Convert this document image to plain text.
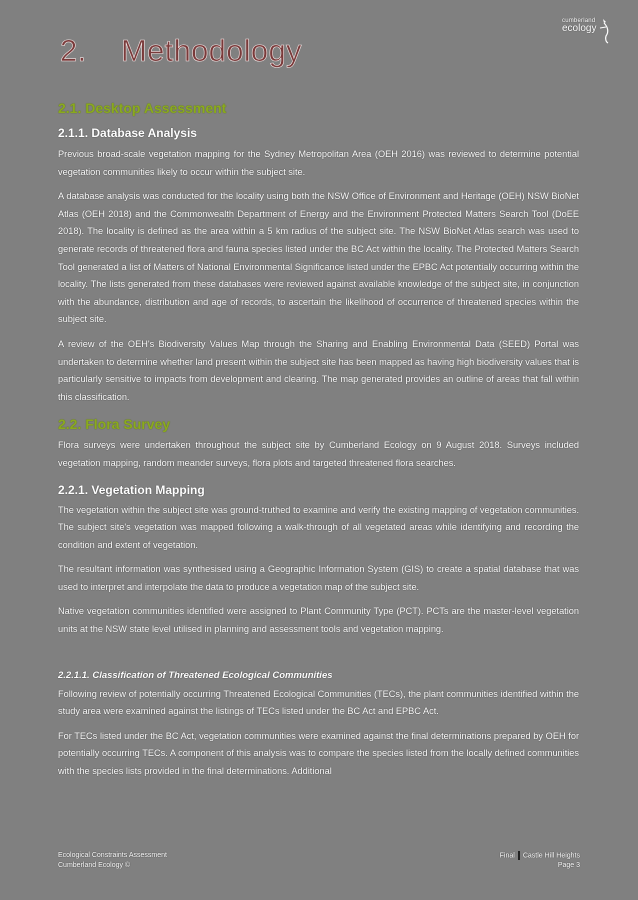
cumberland
ecology
2. Methodology
2.1. Desktop Assessment
2.1.1. Database Analysis

Previous broad-scale vegetation mapping for the Sydney Metropolitan Area (OEH 2016) was reviewed to determine potential vegetation communities likely to occur within the subject site.

A database analysis was conducted for the locality using both the NSW Office of Environment and Heritage (OEH) NSW BioNet Atlas (OEH 2018) and the Commonwealth Department of Energy and the Environment Protected Matters Search Tool (DoEE 2018). The locality is defined as the area within a 5 km radius of the subject site. The NSW BioNet Atlas search was used to generate records of threatened flora and fauna species listed under the BC Act within the locality. The Protected Matters Search Tool generated a list of Matters of National Environmental Significance listed under the EPBC Act potentially occurring within the locality. The lists generated from these databases were reviewed against available knowledge of the subject site, in conjunction with the abundance, distribution and age of records, to ascertain the likelihood of occurrence of threatened species within the subject site.

A review of the OEH's Biodiversity Values Map through the Sharing and Enabling Environmental Data (SEED) Portal was undertaken to determine whether land present within the subject site has been mapped as having high biodiversity values that is particularly sensitive to impacts from development and clearing. The map generated provides an outline of areas that fall within this classification.

2.2. Flora Survey

Flora surveys were undertaken throughout the subject site by Cumberland Ecology on 9 August 2018. Surveys included vegetation mapping, random meander surveys, flora plots and targeted threatened flora searches.

2.2.1. Vegetation Mapping

The vegetation within the subject site was ground-truthed to examine and verify the existing mapping of vegetation communities. The subject site's vegetation was mapped following a walk-through of all vegetated areas while identifying and recording the condition and extent of vegetation.

The resultant information was synthesised using a Geographic Information System (GIS) to create a spatial database that was used to interpret and interpolate the data to produce a vegetation map of the subject site.

Native vegetation communities identified were assigned to Plant Community Type (PCT). PCTs are the master-level vegetation units at the NSW state level utilised in planning and assessment tools and vegetation mapping.

2.2.1.1. Classification of Threatened Ecological Communities

Following review of potentially occurring Threatened Ecological Communities (TECs), the plant communities identified within the study area were examined against the listings of TECs listed under the BC Act and EPBC Act.

For TECs listed under the BC Act, vegetation communities were examined against the final determinations prepared by OEH for potentially occurring TECs. A component of this analysis was to compare the species listed from the locally defined communities with the species lists provided in the final determinations. Additional

Ecological Constraints Assessment
Cumberland Ecology ©
Final Castle Hill Heights
Page 3
